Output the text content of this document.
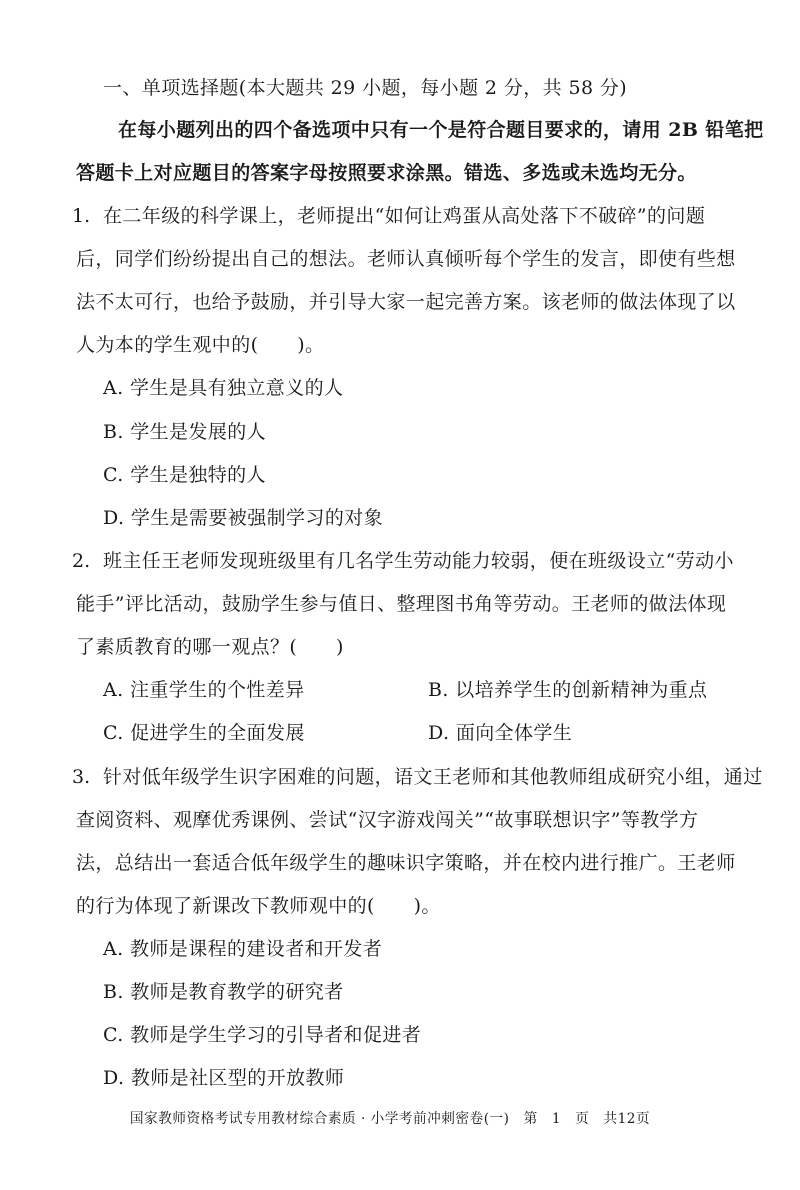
一、单项选择题(本大题共 29 小题，每小题 2 分，共 58 分)
在每小题列出的四个备选项中只有一个是符合题目要求的，请用 2B 铅笔把
答题卡上对应题目的答案字母按照要求涂黑。错选、多选或未选均无分。
1. 在二年级的科学课上，老师提出“如何让鸡蛋从高处落下不破碎”的问题
后，同学们纷纷提出自己的想法。老师认真倾听每个学生的发言，即使有些想
法不太可行，也给予鼓励，并引导大家一起完善方案。该老师的做法体现了以
人为本的学生观中的(　　)。
A. 学生是具有独立意义的人
B. 学生是发展的人
C. 学生是独特的人
D. 学生是需要被强制学习的对象
2. 班主任王老师发现班级里有几名学生劳动能力较弱，便在班级设立“劳动小
能手”评比活动，鼓励学生参与值日、整理图书角等劳动。王老师的做法体现
了素质教育的哪一观点？(　　)
A. 注重学生的个性差异	B. 以培养学生的创新精神为重点
C. 促进学生的全面发展	D. 面向全体学生
3. 针对低年级学生识字困难的问题，语文王老师和其他教师组成研究小组，通过
查阅资料、观摩优秀课例、尝试“汉字游戏闯关”“故事联想识字”等教学方
法，总结出一套适合低年级学生的趣味识字策略，并在校内进行推广。王老师
的行为体现了新课改下教师观中的(　　)。
A. 教师是课程的建设者和开发者
B. 教师是教育教学的研究者
C. 教师是学生学习的引导者和促进者
D. 教师是社区型的开放教师
国家教师资格考试专用教材综合素质 · 小学考前冲刺密卷(一)　第　1　页　共12页
